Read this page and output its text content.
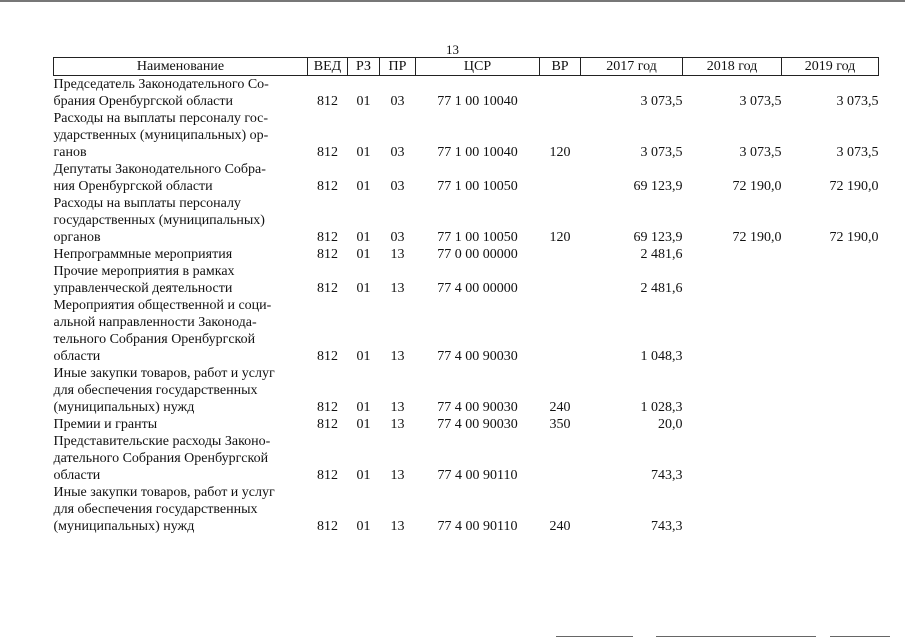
13
Наименование	ВЕД	РЗ	ПР	ЦСР	ВР	2017 год	2018 год	2019 год

Председатель Законодательного Со-
брания Оренбургской области	812	01	03	77 1 00 10040		3 073,5	3 073,5	3 073,5

Расходы на выплаты персоналу гос-
ударственных (муниципальных) ор-
ганов	812	01	03	77 1 00 10040	120	3 073,5	3 073,5	3 073,5

Депутаты Законодательного Собра-
ния Оренбургской области	812	01	03	77 1 00 10050		69 123,9	72 190,0	72 190,0

Расходы на выплаты персоналу
государственных (муниципальных)
органов	812	01	03	77 1 00 10050	120	69 123,9	72 190,0	72 190,0

Непрограммные мероприятия	812	01	13	77 0 00 00000		2 481,6		

Прочие мероприятия в рамках
управленческой деятельности	812	01	13	77 4 00 00000		2 481,6		

Мероприятия общественной и соци-
альной направленности Законода-
тельного Собрания Оренбургской
области	812	01	13	77 4 00 90030		1 048,3		

Иные закупки товаров, работ и услуг
для обеспечения государственных
(муниципальных) нужд	812	01	13	77 4 00 90030	240	1 028,3		

Премии и гранты	812	01	13	77 4 00 90030	350	20,0		

Представительские расходы Законо-
дательного Собрания Оренбургской
области	812	01	13	77 4 00 90110		743,3		

Иные закупки товаров, работ и услуг
для обеспечения государственных
(муниципальных) нужд	812	01	13	77 4 00 90110	240	743,3		
